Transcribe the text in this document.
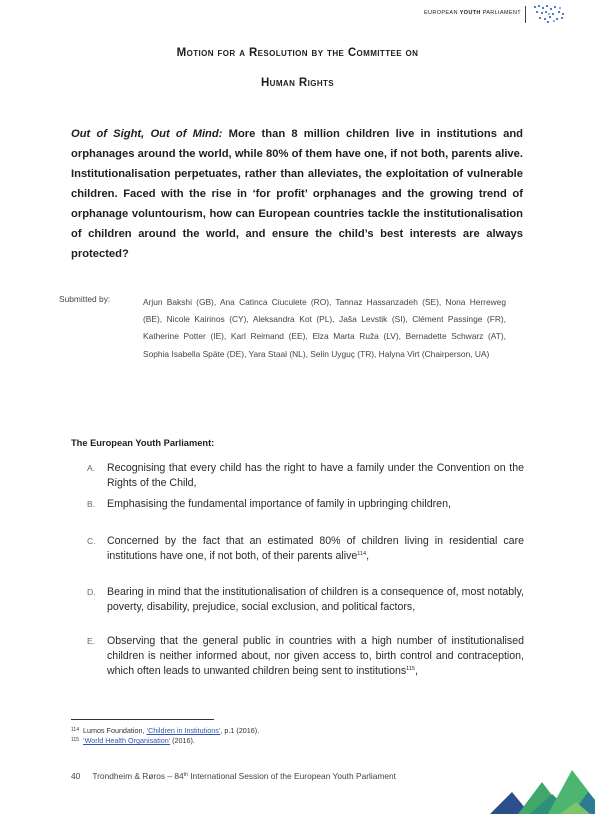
EUROPEAN YOUTH PARLIAMENT
Motion for a Resolution by the Committee on
Human Rights

Out of Sight, Out of Mind: More than 8 million children live in institutions and orphanages around the world, while 80% of them have one, if not both, parents alive. Institutionalisation perpetuates, rather than alleviates, the exploitation of vulnerable children. Faced with the rise in ‘for profit’ orphanages and the growing trend of orphanage voluntourism, how can European countries tackle the institutionalisation of children around the world, and ensure the child’s best interests are always protected?

Submitted by:	Arjun Bakshi (GB), Ana Catinca Ciuculete (RO), Tannaz Hassanzadeh (SE), Nona Herreweg (BE), Nicole Kairinos (CY), Aleksandra Kot (PL), Jaša Levstik (SI), Clément Passinge (FR), Katherine Potter (IE), Karl Reimand (EE), Elza Marta Ruža (LV), Bernadette Schwarz (AT), Sophia Isabella Späte (DE), Yara Staal (NL), Selin Uyguç (TR), Halyna Virt (Chairperson, UA)

The European Youth Parliament:
A.	Recognising that every child has the right to have a family under the Convention on the Rights of the Child,

B.	Emphasising the fundamental importance of family in upbringing children,

C.	Concerned by the fact that an estimated 80% of children living in residential care institutions have one, if not both, of their parents alive$^{114}$,

D.	Bearing in mind that the institutionalisation of children is a consequence of, most notably, poverty, disability, prejudice, social exclusion, and political factors,

E.	Observing that the general public in countries with a high number of institutionalised children is neither informed about, nor given access to, birth control and contraception, which often leads to unwanted children being sent to institutions$^{115}$,

$^{114}$ Lumos Foundation, ‘Children in Institutions’, p.1 (2016).
$^{115}$ ‘World Health Organisation’ (2016).
40 Trondheim & Røros – 84th International Session of the European Youth Parliament
